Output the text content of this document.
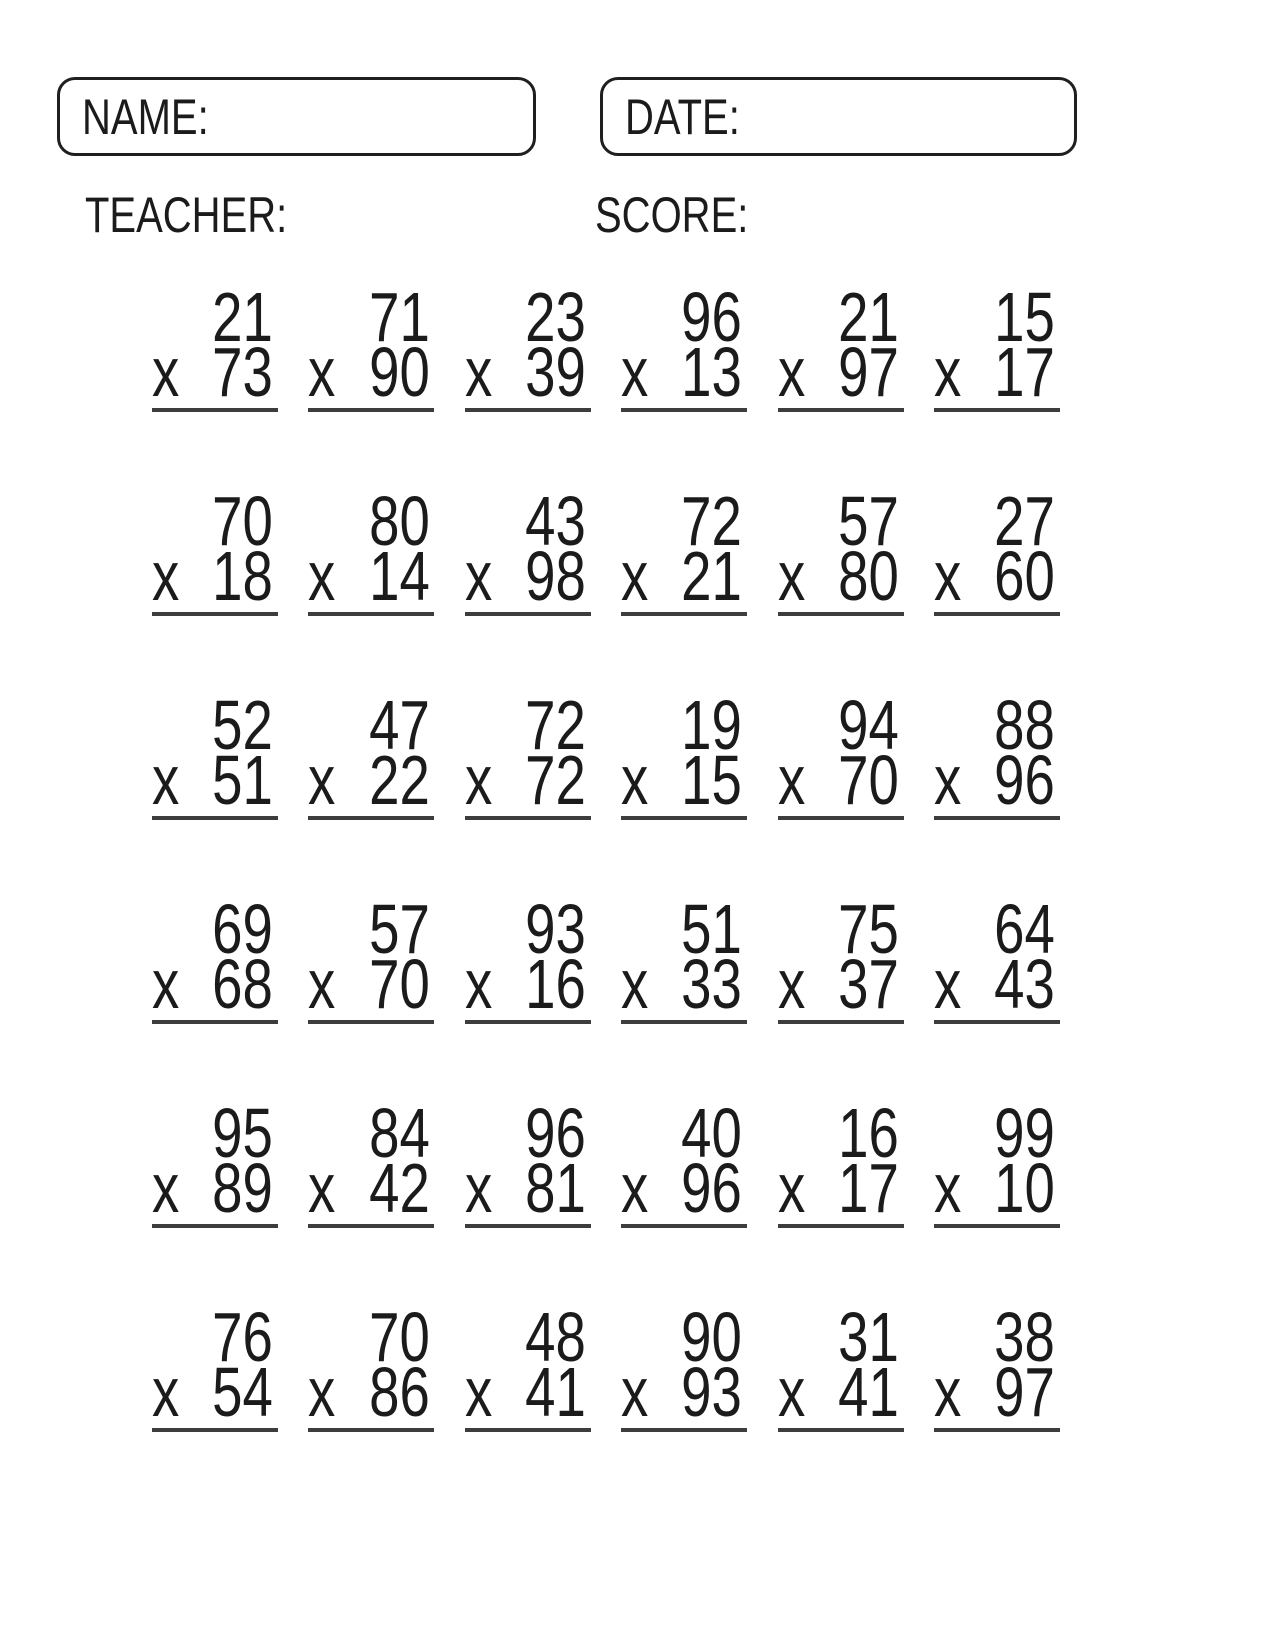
NAME:	DATE:
TEACHER:	SCORE:
21
x 73
71
x 90
23
x 39
96
x 13
21
x 97
15
x 17
70
x 18
80
x 14
43
x 98
72
x 21
57
x 80
27
x 60
52
x 51
47
x 22
72
x 72
19
x 15
94
x 70
88
x 96
69
x 68
57
x 70
93
x 16
51
x 33
75
x 37
64
x 43
95
x 89
84
x 42
96
x 81
40
x 96
16
x 17
99
x 10
76
x 54
70
x 86
48
x 41
90
x 93
31
x 41
38
x 97
